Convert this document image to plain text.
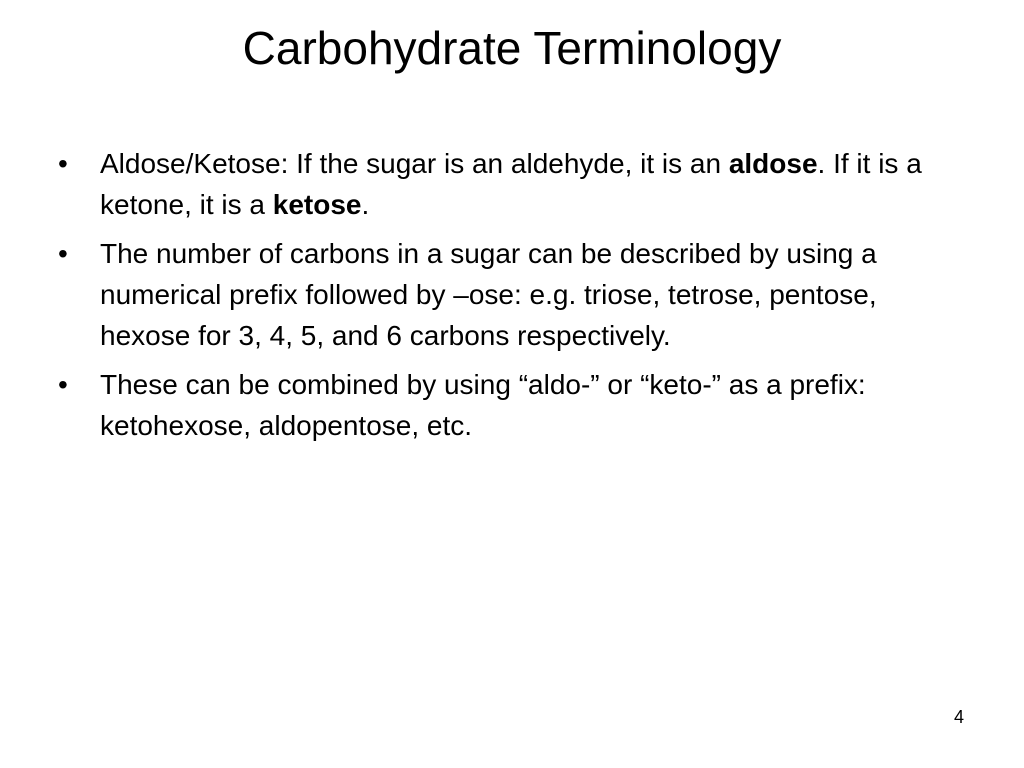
Carbohydrate Terminology
•	Aldose/Ketose: If the sugar is an aldehyde, it is an aldose. If it is a ketone, it is a ketose.
•	The number of carbons in a sugar can be described by using a numerical prefix followed by –ose: e.g. triose, tetrose, pentose, hexose for 3, 4, 5, and 6 carbons respectively.
•	These can be combined by using “aldo-” or “keto-” as a prefix: ketohexose, aldopentose, etc.
4
